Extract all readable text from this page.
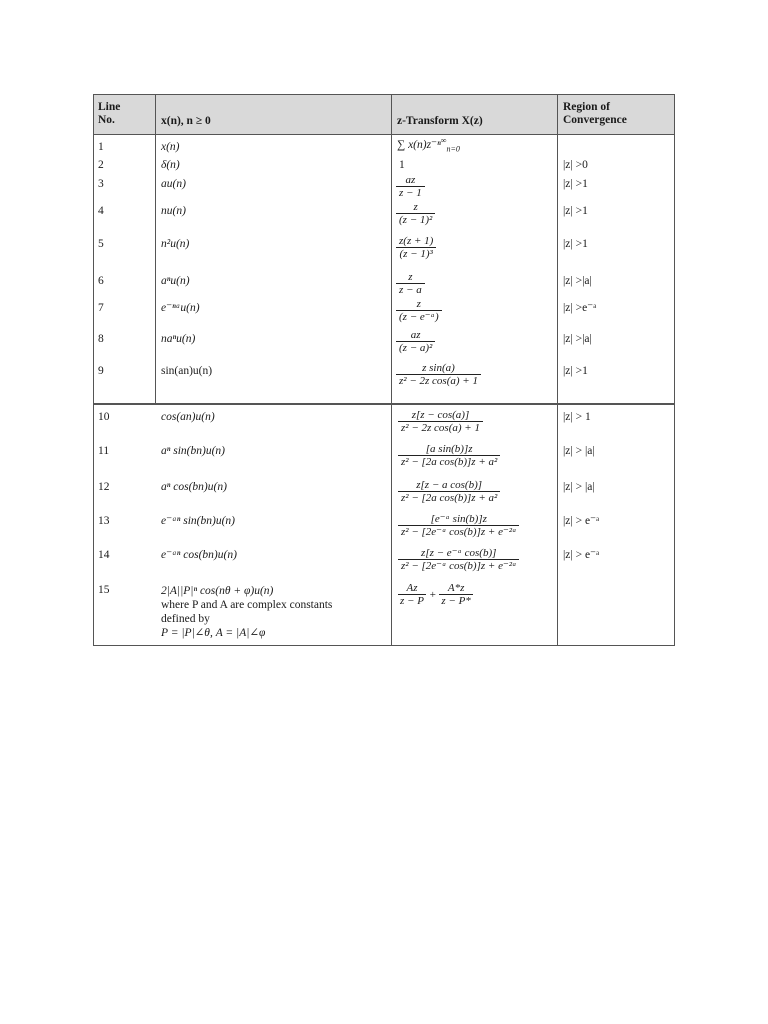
Line
No.	x(n), n ≥ 0	z-Transform X(z)
Region of
Convergence
1
2
3
4
5
6
7
8
9
x(n)
δ(n)
au(n)
nu(n)
n²u(n)
aⁿu(n)
e⁻ⁿᵃu(n)
naⁿu(n)
sin(an)u(n)
∑ x(n)z⁻ⁿ∞$_{n=0}$
1
$\frac{az}{z - 1}$
$\frac{z}{\text{(z − 1)²}}$
$\frac{z(z + 1)}{\text{(z − 1)³}}$
$\frac{z}{z - a}$
$\frac{z}{\text{(z − e⁻ᵃ)}}$
$\frac{az}{\text{(z − a)²}}$
$\frac{\text{z sin(a)}}{\text{z² − 2z cos(a) + 1}}$
|z| >0
|z| >1
|z| >1
|z| >1
|z| >|a|
|z| >e⁻ᵃ
|z| >|a|
|z| >1
10
11
12
13
14
15
cos(an)u(n)
aⁿ sin(bn)u(n)
aⁿ cos(bn)u(n)
e⁻ᵃⁿ sin(bn)u(n)
e⁻ᵃⁿ cos(bn)u(n)
2|A||P|ⁿ cos(nθ + φ)u(n)
where P and A are complex constants
defined by
P = |P|∠θ, A = |A|∠φ
$\frac{z[z - \cos(a)]}{\text{z² − 2z cos(a) + 1}}$
$\frac{\text{[a sin(b)]z}}{\text{z² − [2a cos(b)]z + a²}}$
$\frac{\text{z[z − a cos(b)]}}{\text{z² − [2a cos(b)]z + a²}}$
$\frac{\text{[e⁻ᵃ sin(b)]z}}{\text{z² − [2e⁻ᵃ cos(b)]z + e⁻²ᵃ}}$
$\frac{\text{z[z − e⁻ᵃ cos(b)]}}{\text{z² − [2e⁻ᵃ cos(b)]z + e⁻²ᵃ}}$
Az
z − P
+ $\frac{A*z}{z - P*}$
|z| > 1
|z| > |a|
|z| > |a|
|z| > e⁻ᵃ
|z| > e⁻ᵃ
